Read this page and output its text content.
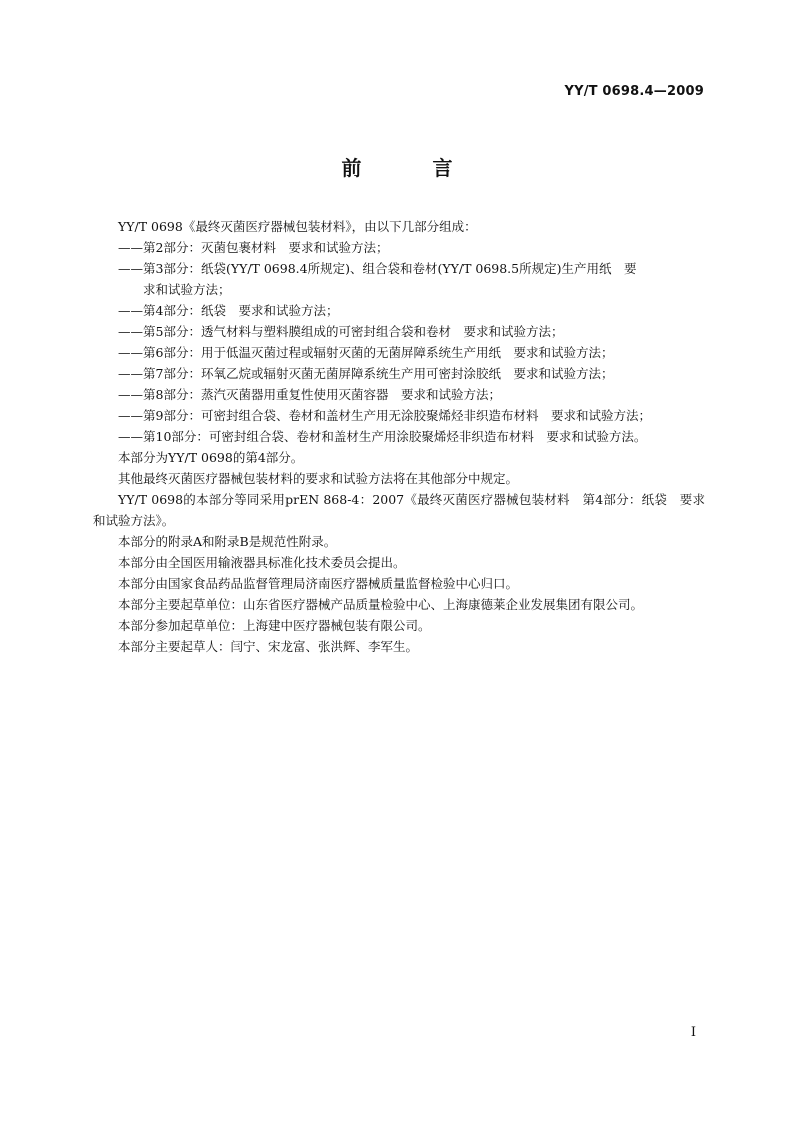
YY/T 0698.4—2009
前 言

YY/T 0698《最终灭菌医疗器械包装材料》，由以下几部分组成：

——第2部分：灭菌包裹材料　要求和试验方法；

——第3部分：纸袋(YY/T 0698.4所规定)、组合袋和卷材(YY/T 0698.5所规定)生产用纸　要
求和试验方法；

——第4部分：纸袋　要求和试验方法；

——第5部分：透气材料与塑料膜组成的可密封组合袋和卷材　要求和试验方法；

——第6部分：用于低温灭菌过程或辐射灭菌的无菌屏障系统生产用纸　要求和试验方法；

——第7部分：环氧乙烷或辐射灭菌无菌屏障系统生产用可密封涂胶纸　要求和试验方法；

——第8部分：蒸汽灭菌器用重复性使用灭菌容器　要求和试验方法；

——第9部分：可密封组合袋、卷材和盖材生产用无涂胶聚烯烃非织造布材料　要求和试验方法；

——第10部分：可密封组合袋、卷材和盖材生产用涂胶聚烯烃非织造布材料　要求和试验方法。

本部分为YY/T 0698的第4部分。

其他最终灭菌医疗器械包装材料的要求和试验方法将在其他部分中规定。

YY/T 0698的本部分等同采用prEN 868-4：2007《最终灭菌医疗器械包装材料　第4部分：纸袋　要求和试验方法》。

本部分的附录A和附录B是规范性附录。

本部分由全国医用输液器具标准化技术委员会提出。

本部分由国家食品药品监督管理局济南医疗器械质量监督检验中心归口。

本部分主要起草单位：山东省医疗器械产品质量检验中心、上海康德莱企业发展集团有限公司。

本部分参加起草单位：上海建中医疗器械包装有限公司。

本部分主要起草人：闫宁、宋龙富、张洪辉、李军生。

I
